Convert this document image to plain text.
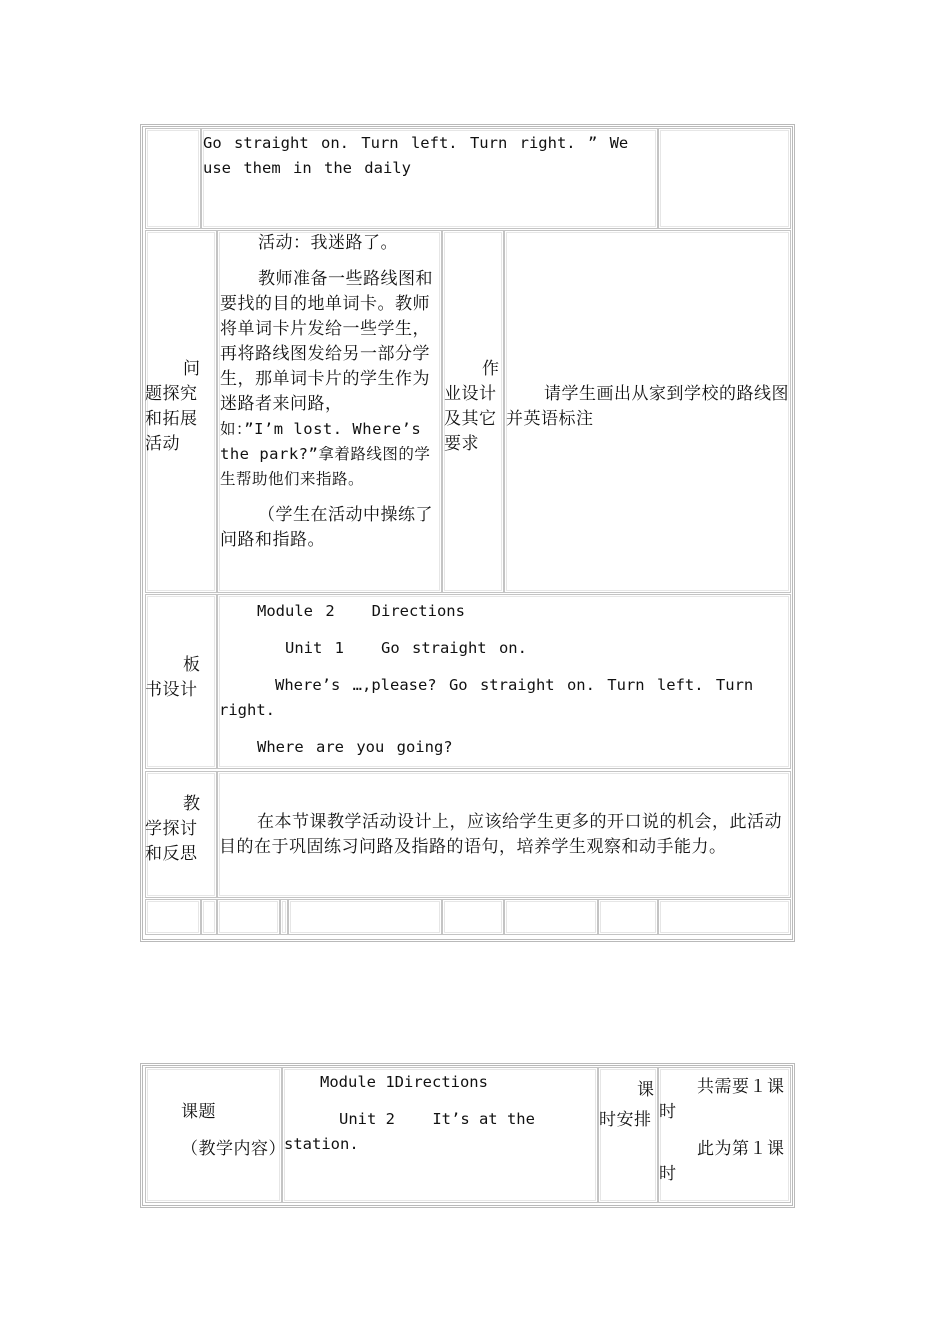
Go straight on. Turn left. Turn right. ” We use them in the daily

问题探究和拓展活动

活动：我迷路了。

教师准备一些路线图和要找的目的地单词卡。教师将单词卡片发给一些学生，再将路线图发给另一部分学生，那单词卡片的学生作为迷路者来问路，

如：”I’m lost. Where’s the park?”拿着路线图的学生帮助他们来指路。

（学生在活动中操练了问路和指路。

作业设计及其它要求

请学生画出从家到学校的路线图并英语标注

板书设计

Module 2   Directions

Unit 1   Go straight on.

Where’s …,please? Go straight on. Turn left. Turn right.

Where are you going?

教学探讨和反思

在本节课教学活动设计上，应该给学生更多的开口说的机会，此活动目的在于巩固练习问路及指路的语句，培养学生观察和动手能力。

课题

（教学内容）

Module 1Directions

Unit 2    It’s at the station.

课时安排

共需要１课时

此为第１课时
